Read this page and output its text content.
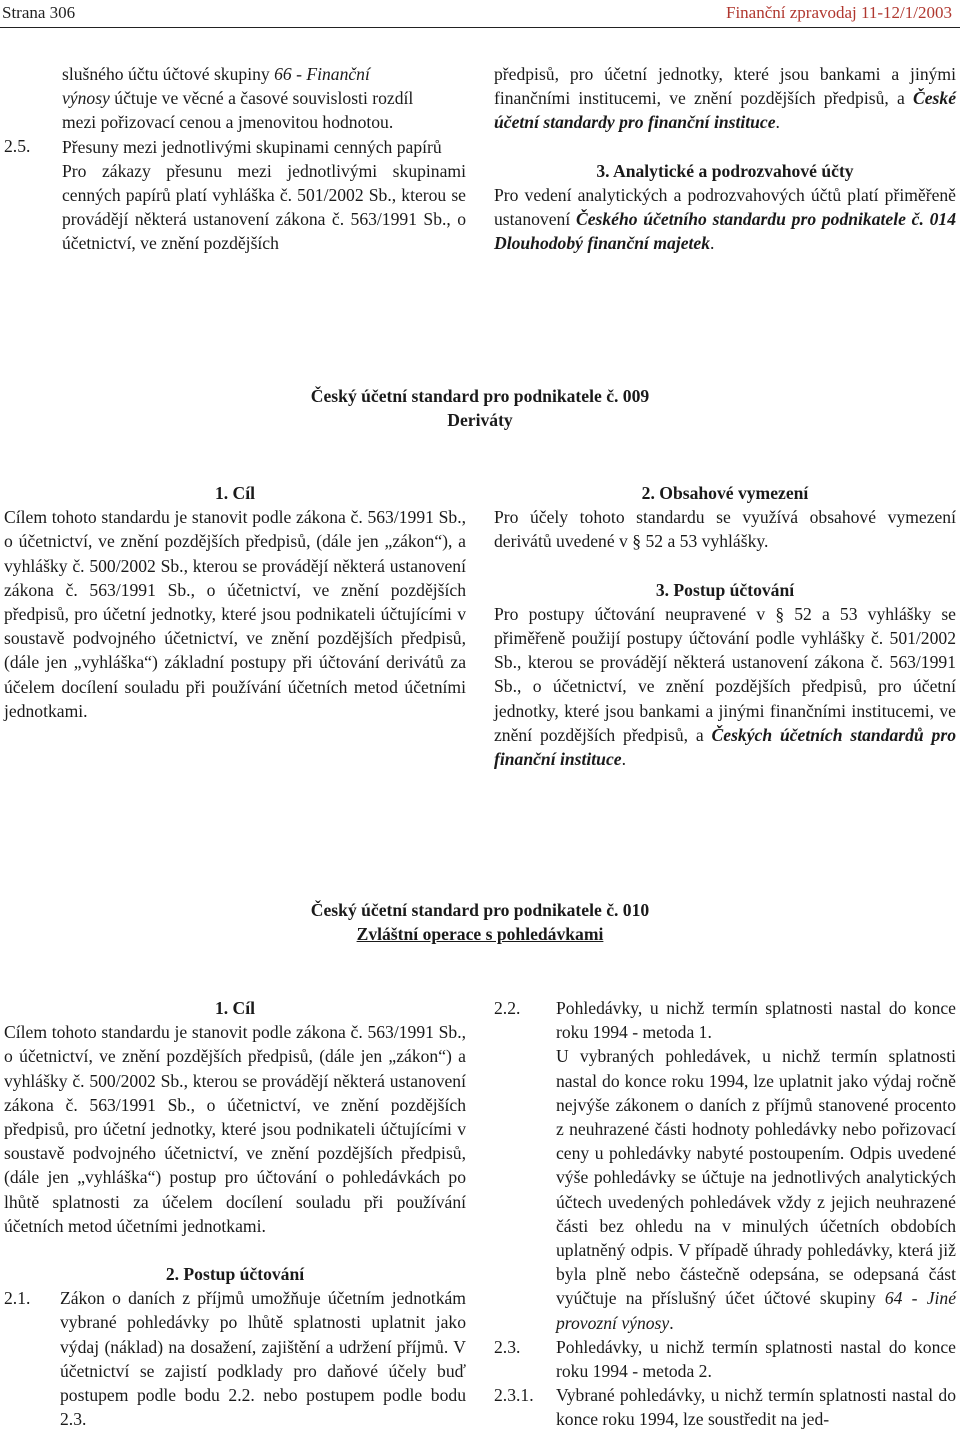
Strana 306	Finanční zpravodaj 11-12/1/2003

slušného účtu účtové skupiny 66 - Finanční
výnosy účtuje ve věcné a časové souvislosti rozdíl
mezi pořizovací cenou a jmenovitou hodnotou.

Přesuny mezi jednotlivými skupinami cenných papírů

Pro zákazy přesunu mezi jednotlivými skupinami cenných papírů platí vyhláška č. 501/2002 Sb., kterou se provádějí některá ustanovení zákona č. 563/1991 Sb., o účetnictví, ve znění pozdějších

2.5.

předpisů, pro účetní jednotky, které jsou bankami a jinými finančními institucemi, ve znění pozdějších předpisů, a České účetní standardy pro finanční instituce.

3. Analytické a podrozvahové účty

Pro vedení analytických a podrozvahových účtů platí přiměřeně ustanovení Českého účetního standardu pro podnikatele č. 014 Dlouhodobý finanční majetek.

Český účetní standard pro podnikatele č. 009
Deriváty

1. Cíl

Cílem tohoto standardu je stanovit podle zákona č. 563/1991 Sb., o účetnictví, ve znění pozdějších předpisů, (dále jen „zákon“), a vyhlášky č. 500/2002 Sb., kterou se provádějí některá ustanovení zákona č. 563/1991 Sb., o účetnictví, ve znění pozdějších předpisů, pro účetní jednotky, které jsou podnikateli účtujícími v soustavě podvojného účetnictví, ve znění pozdějších předpisů, (dále jen „vyhláška“) základní postupy při účtování derivátů za účelem docílení souladu při používání účetních metod účetními jednotkami.

2. Obsahové vymezení

Pro účely tohoto standardu se využívá obsahové vymezení derivátů uvedené v § 52 a 53 vyhlášky.

3. Postup účtování

Pro postupy účtování neupravené v § 52 a 53 vyhlášky se přiměřeně použijí postupy účtování podle vyhlášky č. 501/2002 Sb., kterou se provádějí některá ustanovení zákona č. 563/1991 Sb., o účetnictví, ve znění pozdějších předpisů, pro účetní jednotky, které jsou bankami a jinými finančními institucemi, ve znění pozdějších předpisů, a Českých účetních standardů pro finanční instituce.

Český účetní standard pro podnikatele č. 010
Zvláštní operace s pohledávkami

1. Cíl

Cílem tohoto standardu je stanovit podle zákona č. 563/1991 Sb., o účetnictví, ve znění pozdějších předpisů, (dále jen „zákon“) a vyhlášky č. 500/2002 Sb., kterou se provádějí některá ustanovení zákona č. 563/1991 Sb., o účetnictví, ve znění pozdějších předpisů, pro účetní jednotky, které jsou podnikateli účtujícími v soustavě podvojného účetnictví, ve znění pozdějších předpisů, (dále jen „vyhláška“) postup pro účtování o pohledávkách po lhůtě splatnosti za účelem docílení souladu při používání účetních metod účetními jednotkami.

2. Postup účtování

2.1. Zákon o daních z příjmů umožňuje účetním jednotkám vybrané pohledávky po lhůtě splatnosti uplatnit jako výdaj (náklad) na dosažení, zajištění a udržení příjmů. V účetnictví se zajistí podklady pro daňové účely buď postupem podle bodu 2.2. nebo postupem podle bodu 2.3.

2.2. Pohledávky, u nichž termín splatnosti nastal do konce roku 1994 - metoda 1.

U vybraných pohledávek, u nichž termín splatnosti nastal do konce roku 1994, lze uplatnit jako výdaj ročně nejvýše zákonem o daních z příjmů stanovené procento z neuhrazené části hodnoty pohledávky nebo pořizovací ceny u pohledávky nabyté postoupením. Odpis uvedené výše pohledávky se účtuje na jednotlivých analytických účtech uvedených pohledávek vždy z jejich neuhrazené části bez ohledu na v minulých účetních obdobích uplatněný odpis. V případě úhrady pohledávky, která již byla plně nebo částečně odepsána, se odepsaná část vyúčtuje na příslušný účet účtové skupiny 64 - Jiné provozní výnosy.

2.3. Pohledávky, u nichž termín splatnosti nastal do konce roku 1994 - metoda 2.

2.3.1. Vybrané pohledávky, u nichž termín splatnosti nastal do konce roku 1994, lze soustředit na jed-
